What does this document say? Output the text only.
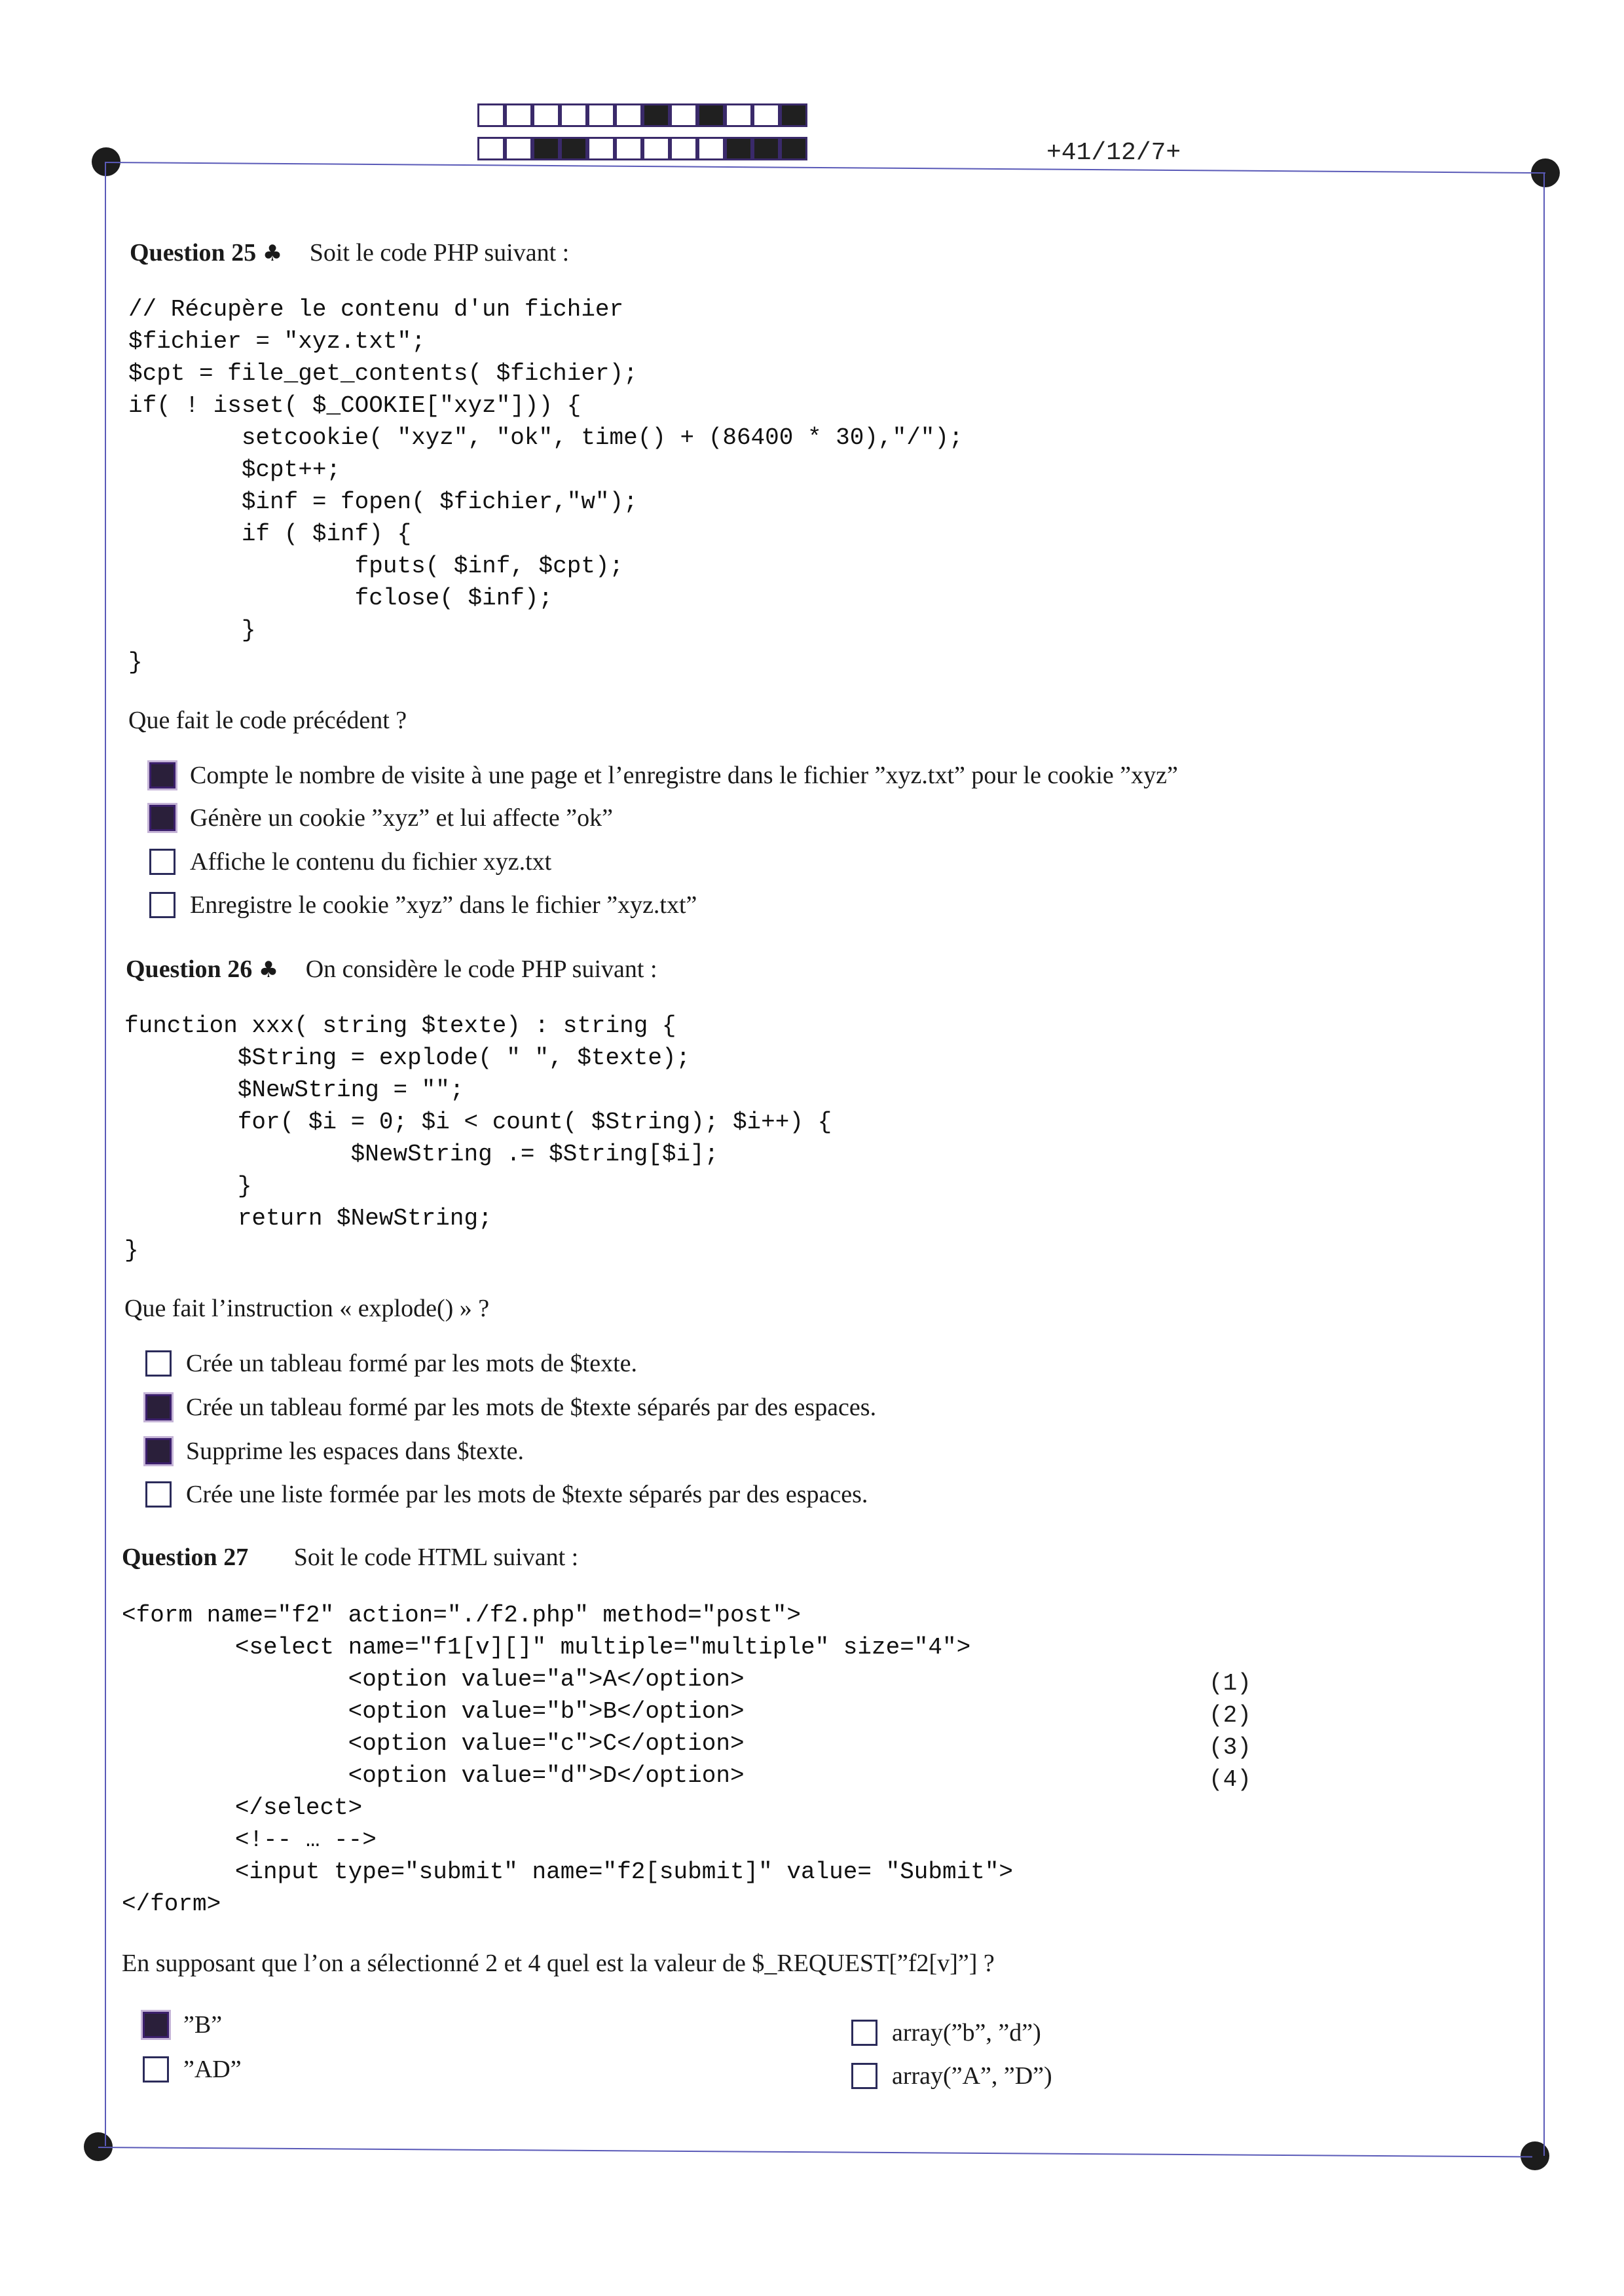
+41/12/7+
Question 25 ♣ Soit le code PHP suivant :
// Récupère le contenu d'un fichier
$fichier = "xyz.txt";
$cpt = file_get_contents( $fichier);
if( ! isset( $_COOKIE["xyz"])) {
setcookie( "xyz", "ok", time() + (86400 * 30),"/");
$cpt++;
$inf = fopen( $fichier,"w");
if ( $inf) {
fputs( $inf, $cpt);
fclose( $inf);
}
}
Que fait le code précédent ?
Compte le nombre de visite à une page et l’enregistre dans le fichier ”xyz.txt” pour le cookie ”xyz”
Génère un cookie ”xyz” et lui affecte ”ok”
Affiche le contenu du fichier xyz.txt
Enregistre le cookie ”xyz” dans le fichier ”xyz.txt”
Question 26 ♣ On considère le code PHP suivant :
function xxx( string $texte) : string {
$String = explode( " ", $texte);
$NewString = "";
for( $i = 0; $i < count( $String); $i++) {
$NewString .= $String[$i];
}
return $NewString;
}
Que fait l’instruction « explode() » ?
Crée un tableau formé par les mots de $texte.
Crée un tableau formé par les mots de $texte séparés par des espaces.
Supprime les espaces dans $texte.
Crée une liste formée par les mots de $texte séparés par des espaces.
Question 27 Soit le code HTML suivant :
<form name="f2" action="./f2.php" method="post">
<select name="f1[v][]" multiple="multiple" size="4">
<option value="a">A</option>
<option value="b">B</option>
<option value="c">C</option>
<option value="d">D</option>
</select>
<!-- … -->
<input type="submit" name="f2[submit]" value= "Submit">
</form>
(1)
(2)
(3)
(4)
En supposant que l’on a sélectionné 2 et 4 quel est la valeur de $_REQUEST[”f2[v]”] ?
”B”
”AD”
array(”b”, ”d”)
array(”A”, ”D”)
